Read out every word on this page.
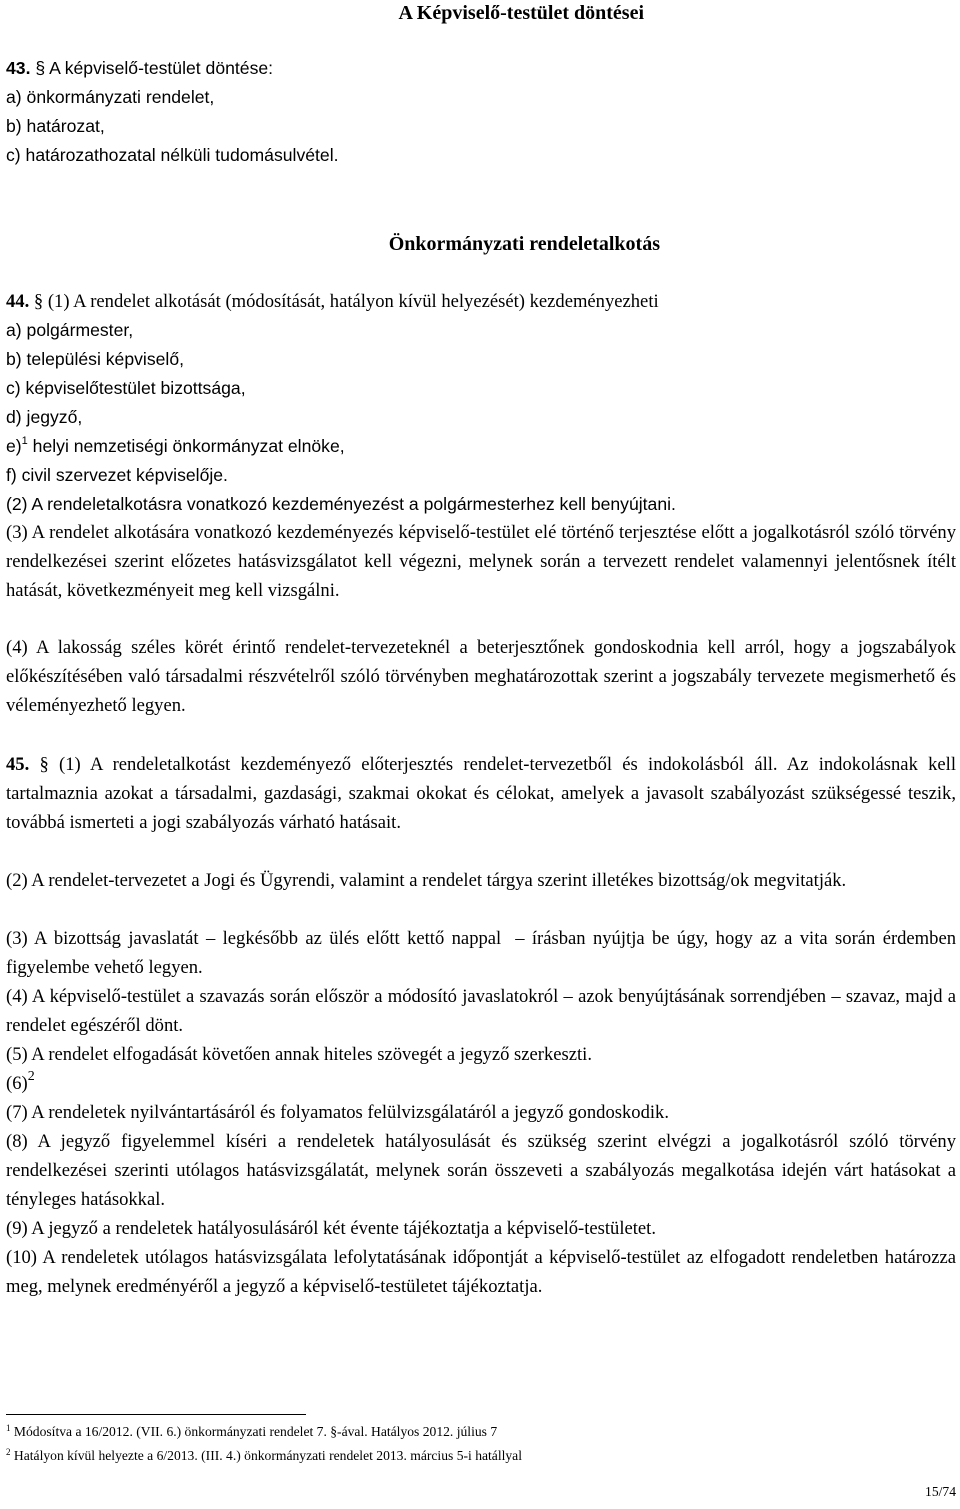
A Képviselő-testület döntései
43. § A képviselő-testület döntése:
a) önkormányzati rendelet,
b) határozat,
c) határozathozatal nélküli tudomásulvétel.
Önkormányzati rendeletalkotás
44. § (1) A rendelet alkotását (módosítását, hatályon kívül helyezését) kezdeményezheti
a) polgármester,
b) települési képviselő,
c) képviselőtestület bizottsága,
d) jegyző,
e)$^1$ helyi nemzetiségi önkormányzat elnöke,
f) civil szervezet képviselője.
(2) A rendeletalkotásra vonatkozó kezdeményezést a polgármesterhez kell benyújtani.
(3) A rendelet alkotására vonatkozó kezdeményezés képviselő-testület elé történő terjesztése előtt a jogalkotásról szóló törvény rendelkezései szerint előzetes hatásvizsgálatot kell végezni, melynek során a tervezett rendelet valamennyi jelentősnek ítélt hatását, következményeit meg kell vizsgálni.
(4) A lakosság széles körét érintő rendelet-tervezeteknél a beterjesztőnek gondoskodnia kell arról, hogy a jogszabályok előkészítésében való társadalmi részvételről szóló törvényben meghatározottak szerint a jogszabály tervezete megismerhető és véleményezhető legyen.
45. § (1) A rendeletalkotást kezdeményező előterjesztés rendelet-tervezetből és indokolásból áll. Az indokolásnak kell tartalmaznia azokat a társadalmi, gazdasági, szakmai okokat és célokat, amelyek a javasolt szabályozást szükségessé teszik, továbbá ismerteti a jogi szabályozás várható hatásait.
(2) A rendelet-tervezetet a Jogi és Ügyrendi, valamint a rendelet tárgya szerint illetékes bizottság/ok megvitatják.
(3) A bizottság javaslatát – legkésőbb az ülés előtt kettő nappal – írásban nyújtja be úgy, hogy az a vita során érdemben figyelembe vehető legyen.
(4) A képviselő-testület a szavazás során először a módosító javaslatokról – azok benyújtásának sorrendjében – szavaz, majd a rendelet egészéről dönt.
(5) A rendelet elfogadását követően annak hiteles szövegét a jegyző szerkeszti.
$(6)^2$
(7) A rendeletek nyilvántartásáról és folyamatos felülvizsgálatáról a jegyző gondoskodik.
(8) A jegyző figyelemmel kíséri a rendeletek hatályosulását és szükség szerint elvégzi a jogalkotásról szóló törvény rendelkezései szerinti utólagos hatásvizsgálatát, melynek során összeveti a szabályozás megalkotása idején várt hatásokat a tényleges hatásokkal.
(9) A jegyző a rendeletek hatályosulásáról két évente tájékoztatja a képviselő-testületet.
(10) A rendeletek utólagos hatásvizsgálata lefolytatásának időpontját a képviselő-testület az elfogadott rendeletben határozza meg, melynek eredményéről a jegyző a képviselő-testületet tájékoztatja.
$^1$ Módosítva a 16/2012. (VII. 6.) önkormányzati rendelet 7. §-ával. Hatályos 2012. július 7
$^2$ Hatályon kívül helyezte a 6/2013. (III. 4.) önkormányzati rendelet 2013. március 5-i hatállyal
15/74
